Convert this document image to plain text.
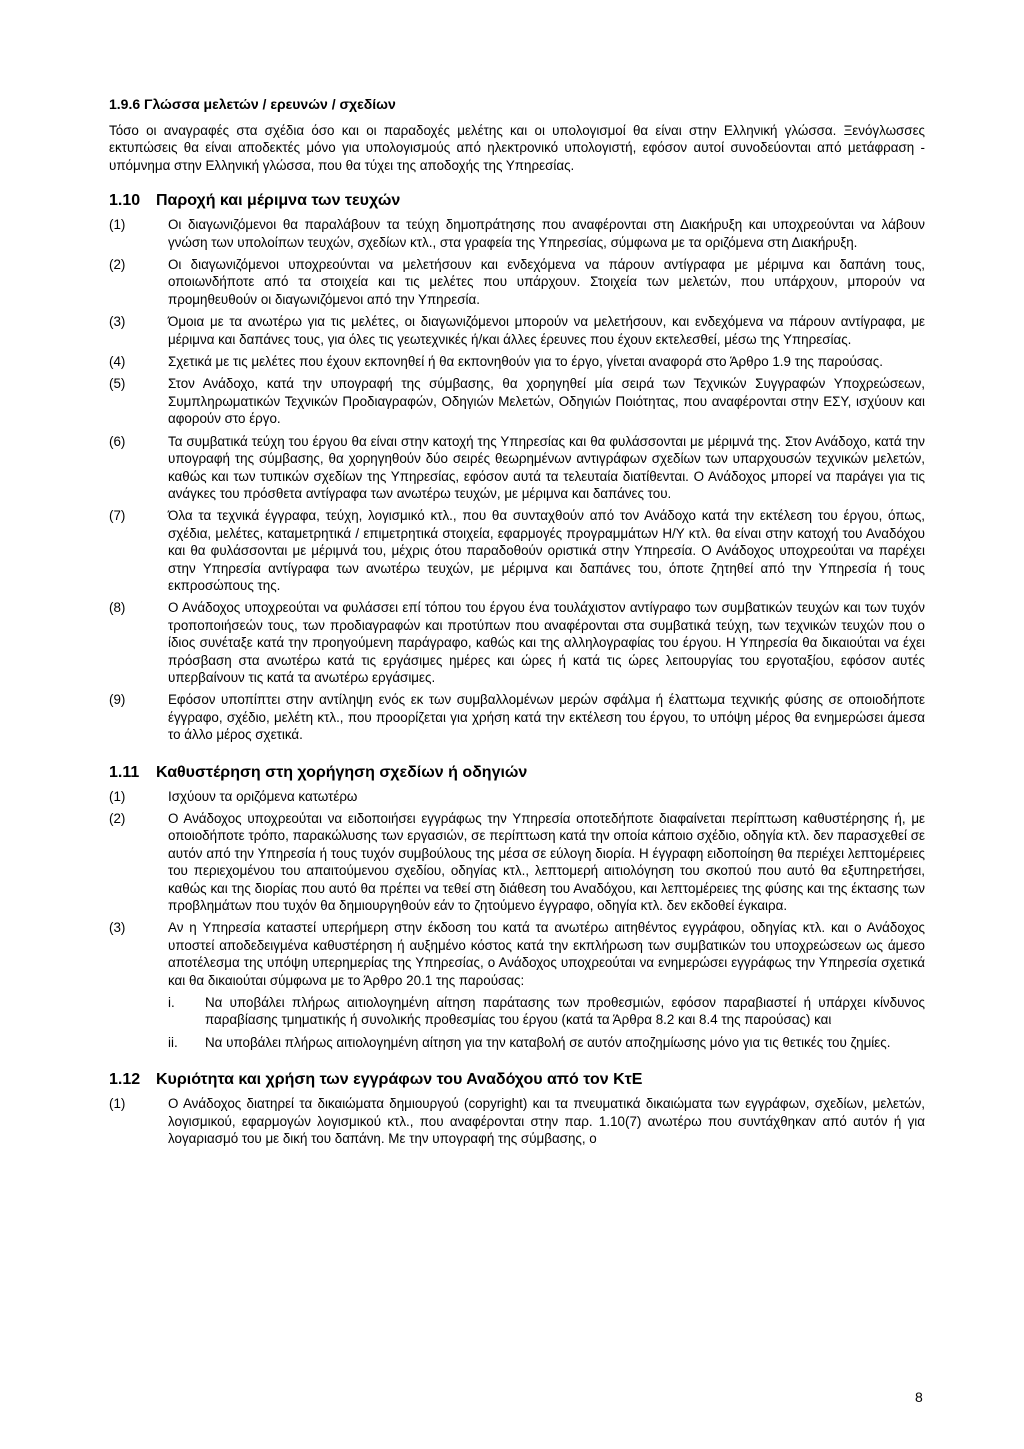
1.9.6 Γλώσσα μελετών / ερευνών / σχεδίων

Τόσο οι αναγραφές στα σχέδια όσο και οι παραδοχές μελέτης και οι υπολογισμοί θα είναι στην Ελληνική γλώσσα. Ξενόγλωσσες εκτυπώσεις θα είναι αποδεκτές μόνο για υπολογισμούς από ηλεκτρονικό υπολογιστή, εφόσον αυτοί συνοδεύονται από μετάφραση - υπόμνημα στην Ελληνική γλώσσα, που θα τύχει της αποδοχής της Υπηρεσίας.

1.10 Παροχή και μέριμνα των τευχών
(1)	Οι διαγωνιζόμενοι θα παραλάβουν τα τεύχη δημοπράτησης που αναφέρονται στη Διακήρυξη και υποχρεούνται να λάβουν γνώση των υπολοίπων τευχών, σχεδίων κτλ., στα γραφεία της Υπηρεσίας, σύμφωνα με τα οριζόμενα στη Διακήρυξη.
(2)	Οι διαγωνιζόμενοι υποχρεούνται να μελετήσουν και ενδεχόμενα να πάρουν αντίγραφα με μέριμνα και δαπάνη τους, οποιωνδήποτε από τα στοιχεία και τις μελέτες που υπάρχουν. Στοιχεία των μελετών, που υπάρχουν, μπορούν να προμηθευθούν οι διαγωνιζόμενοι από την Υπηρεσία.
(3)	Όμοια με τα ανωτέρω για τις μελέτες, οι διαγωνιζόμενοι μπορούν να μελετήσουν, και ενδεχόμενα να πάρουν αντίγραφα, με μέριμνα και δαπάνες τους, για όλες τις γεωτεχνικές ή/και άλλες έρευνες που έχουν εκτελεσθεί, μέσω της Υπηρεσίας.
(4)	Σχετικά με τις μελέτες που έχουν εκπονηθεί ή θα εκπονηθούν για το έργο, γίνεται αναφορά στο Άρθρο 1.9 της παρούσας.
(5)	Στον Ανάδοχο, κατά την υπογραφή της σύμβασης, θα χορηγηθεί μία σειρά των Τεχνικών Συγγραφών Υποχρεώσεων, Συμπληρωματικών Τεχνικών Προδιαγραφών, Οδηγιών Μελετών, Οδηγιών Ποιότητας, που αναφέρονται στην ΕΣΥ, ισχύουν και αφορούν στο έργο.
(6)	Τα συμβατικά τεύχη του έργου θα είναι στην κατοχή της Υπηρεσίας και θα φυλάσσονται με μέριμνά της. Στον Ανάδοχο, κατά την υπογραφή της σύμβασης, θα χορηγηθούν δύο σειρές θεωρημένων αντιγράφων σχεδίων των υπαρχουσών τεχνικών μελετών, καθώς και των τυπικών σχεδίων της Υπηρεσίας, εφόσον αυτά τα τελευταία διατίθενται. Ο Ανάδοχος μπορεί να παράγει για τις ανάγκες του πρόσθετα αντίγραφα των ανωτέρω τευχών, με μέριμνα και δαπάνες του.
(7)	Όλα τα τεχνικά έγγραφα, τεύχη, λογισμικό κτλ., που θα συνταχθούν από τον Ανάδοχο κατά την εκτέλεση του έργου, όπως, σχέδια, μελέτες, καταμετρητικά / επιμετρητικά στοιχεία, εφαρμογές προγραμμάτων Η/Υ κτλ. θα είναι στην κατοχή του Αναδόχου και θα φυλάσσονται με μέριμνά του, μέχρις ότου παραδοθούν οριστικά στην Υπηρεσία. Ο Ανάδοχος υποχρεούται να παρέχει στην Υπηρεσία αντίγραφα των ανωτέρω τευχών, με μέριμνα και δαπάνες του, όποτε ζητηθεί από την Υπηρεσία ή τους εκπροσώπους της.
(8)	Ο Ανάδοχος υποχρεούται να φυλάσσει επί τόπου του έργου ένα τουλάχιστον αντίγραφο των συμβατικών τευχών και των τυχόν τροποποιήσεών τους, των προδιαγραφών και προτύπων που αναφέρονται στα συμβατικά τεύχη, των τεχνικών τευχών που ο ίδιος συνέταξε κατά την προηγούμενη παράγραφο, καθώς και της αλληλογραφίας του έργου. Η Υπηρεσία θα δικαιούται να έχει πρόσβαση στα ανωτέρω κατά τις εργάσιμες ημέρες και ώρες ή κατά τις ώρες λειτουργίας του εργοταξίου, εφόσον αυτές υπερβαίνουν τις κατά τα ανωτέρω εργάσιμες.
(9)	Εφόσον υποπίπτει στην αντίληψη ενός εκ των συμβαλλομένων μερών σφάλμα ή έλαττωμα τεχνικής φύσης σε οποιοδήποτε έγγραφο, σχέδιο, μελέτη κτλ., που προορίζεται για χρήση κατά την εκτέλεση του έργου, το υπόψη μέρος θα ενημερώσει άμεσα το άλλο μέρος σχετικά.
1.11 Καθυστέρηση στη χορήγηση σχεδίων ή οδηγιών
(1)	Ισχύουν τα οριζόμενα κατωτέρω
(2)	Ο Ανάδοχος υποχρεούται να ειδοποιήσει εγγράφως την Υπηρεσία οποτεδήποτε διαφαίνεται περίπτωση καθυστέρησης ή, με οποιοδήποτε τρόπο, παρακώλυσης των εργασιών, σε περίπτωση κατά την οποία κάποιο σχέδιο, οδηγία κτλ. δεν παρασχεθεί σε αυτόν από την Υπηρεσία ή τους τυχόν συμβούλους της μέσα σε εύλογη διορία. Η έγγραφη ειδοποίηση θα περιέχει λεπτομέρειες του περιεχομένου του απαιτούμενου σχεδίου, οδηγίας κτλ., λεπτομερή αιτιολόγηση του σκοπού που αυτό θα εξυπηρετήσει, καθώς και της διορίας που αυτό θα πρέπει να τεθεί στη διάθεση του Αναδόχου, και λεπτομέρειες της φύσης και της έκτασης των προβλημάτων που τυχόν θα δημιουργηθούν εάν το ζητούμενο έγγραφο, οδηγία κτλ. δεν εκδοθεί έγκαιρα.
(3)	Αν η Υπηρεσία καταστεί υπερήμερη στην έκδοση του κατά τα ανωτέρω αιτηθέντος εγγράφου, οδηγίας κτλ. και ο Ανάδοχος υποστεί αποδεδειγμένα καθυστέρηση ή αυξημένο κόστος κατά την εκπλήρωση των συμβατικών του υποχρεώσεων ως άμεσο αποτέλεσμα της υπόψη υπερημερίας της Υπηρεσίας, ο Ανάδοχος υποχρεούται να ενημερώσει εγγράφως την Υπηρεσία σχετικά και θα δικαιούται σύμφωνα με το Άρθρο 20.1 της παρούσας:
i. Να υποβάλει πλήρως αιτιολογημένη αίτηση παράτασης των προθεσμιών, εφόσον παραβιαστεί ή υπάρχει κίνδυνος παραβίασης τμηματικής ή συνολικής προθεσμίας του έργου (κατά τα Άρθρα 8.2 και 8.4 της παρούσας) και
ii. Να υποβάλει πλήρως αιτιολογημένη αίτηση για την καταβολή σε αυτόν αποζημίωσης μόνο για τις θετικές του ζημίες.
1.12 Κυριότητα και χρήση των εγγράφων του Αναδόχου από τον ΚτΕ
(1)	Ο Ανάδοχος διατηρεί τα δικαιώματα δημιουργού (copyright) και τα πνευματικά δικαιώματα των εγγράφων, σχεδίων, μελετών, λογισμικού, εφαρμογών λογισμικού κτλ., που αναφέρονται στην παρ. 1.10(7) ανωτέρω που συντάχθηκαν από αυτόν ή για λογαριασμό του με δική του δαπάνη. Με την υπογραφή της σύμβασης, ο
8
